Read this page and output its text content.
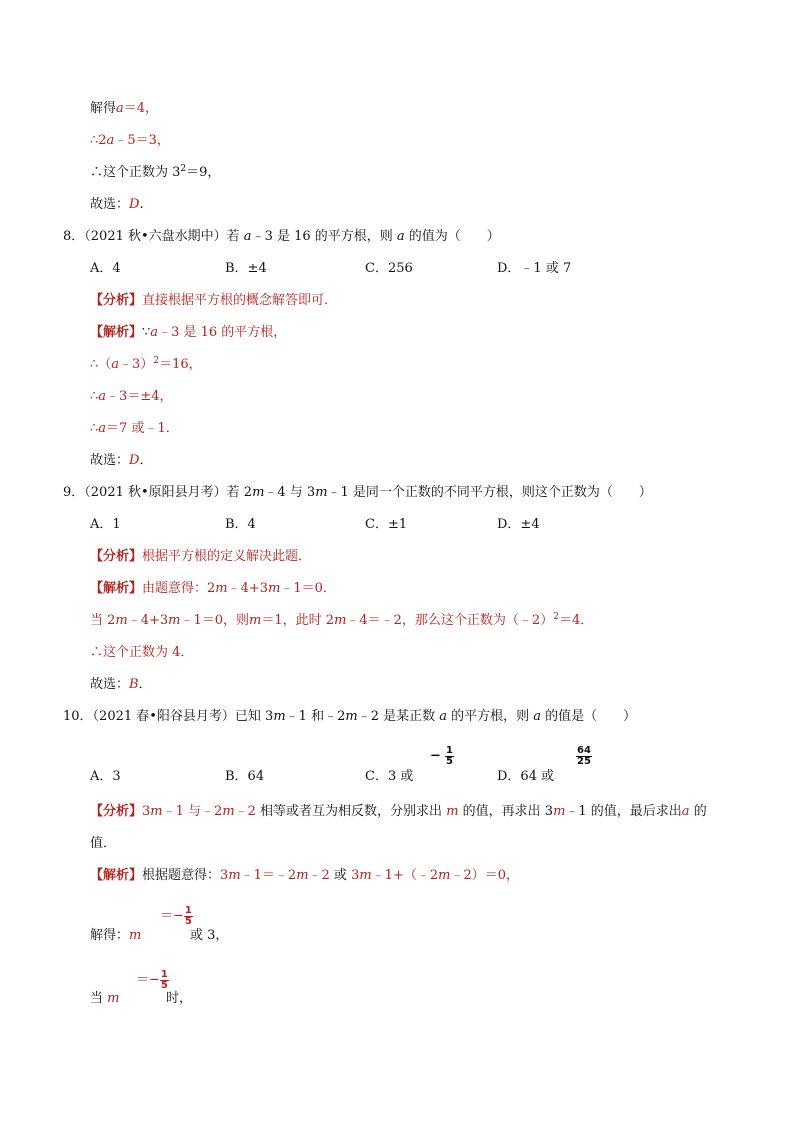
解得a＝4，
∴2a﹣5＝3，
∴这个正数为 $3^2=9$，
故选：D.
8．（2021 秋•六盘水期中）若 a﹣3 是 16 的平方根，则 a 的值为（　　）
A．4	B．±4	C．256	D．﹣1 或 7
【分析】直接根据平方根的概念解答即可．
【解析】∵a﹣3 是 16 的平方根，
∴（a﹣3）$^2$＝16，
∴a﹣3＝±4，
∴a＝7 或﹣1．
故选：D．
9．（2021 秋•原阳县月考）若 2m﹣4 与 3m﹣1 是同一个正数的不同平方根，则这个正数为（　　）
A．1	B．4	C．±1	D．±4
【分析】根据平方根的定义解决此题．
【解析】由题意得：2m﹣4+3m﹣1＝0．
当 2m﹣4+3m﹣1＝0，则m＝1，此时 2m﹣4＝﹣2，那么这个正数为（﹣2）$^2$＝4．
∴这个正数为 4．
故选：B．
10．（2021 春•阳谷县月考）已知 3m﹣1 和﹣2m﹣2 是某正数 a 的平方根，则 a 的值是（　　）
A．3	B．64	C．3 或
− $\frac{1}{5}$
D．64 或
$\frac{64}{25}$
【分析】3m﹣1 与﹣2m﹣2 相等或者互为相反数，分别求出 m 的值，再求出 3m﹣1 的值，最后求出a 的
值．
【解析】根据题意得：3m﹣1＝﹣2m﹣2 或 3m﹣1+（﹣2m﹣2）＝0，
解得：m
＝− $\frac{1}{5}$
或 3，
当 m
＝− $\frac{1}{5}$
时，
